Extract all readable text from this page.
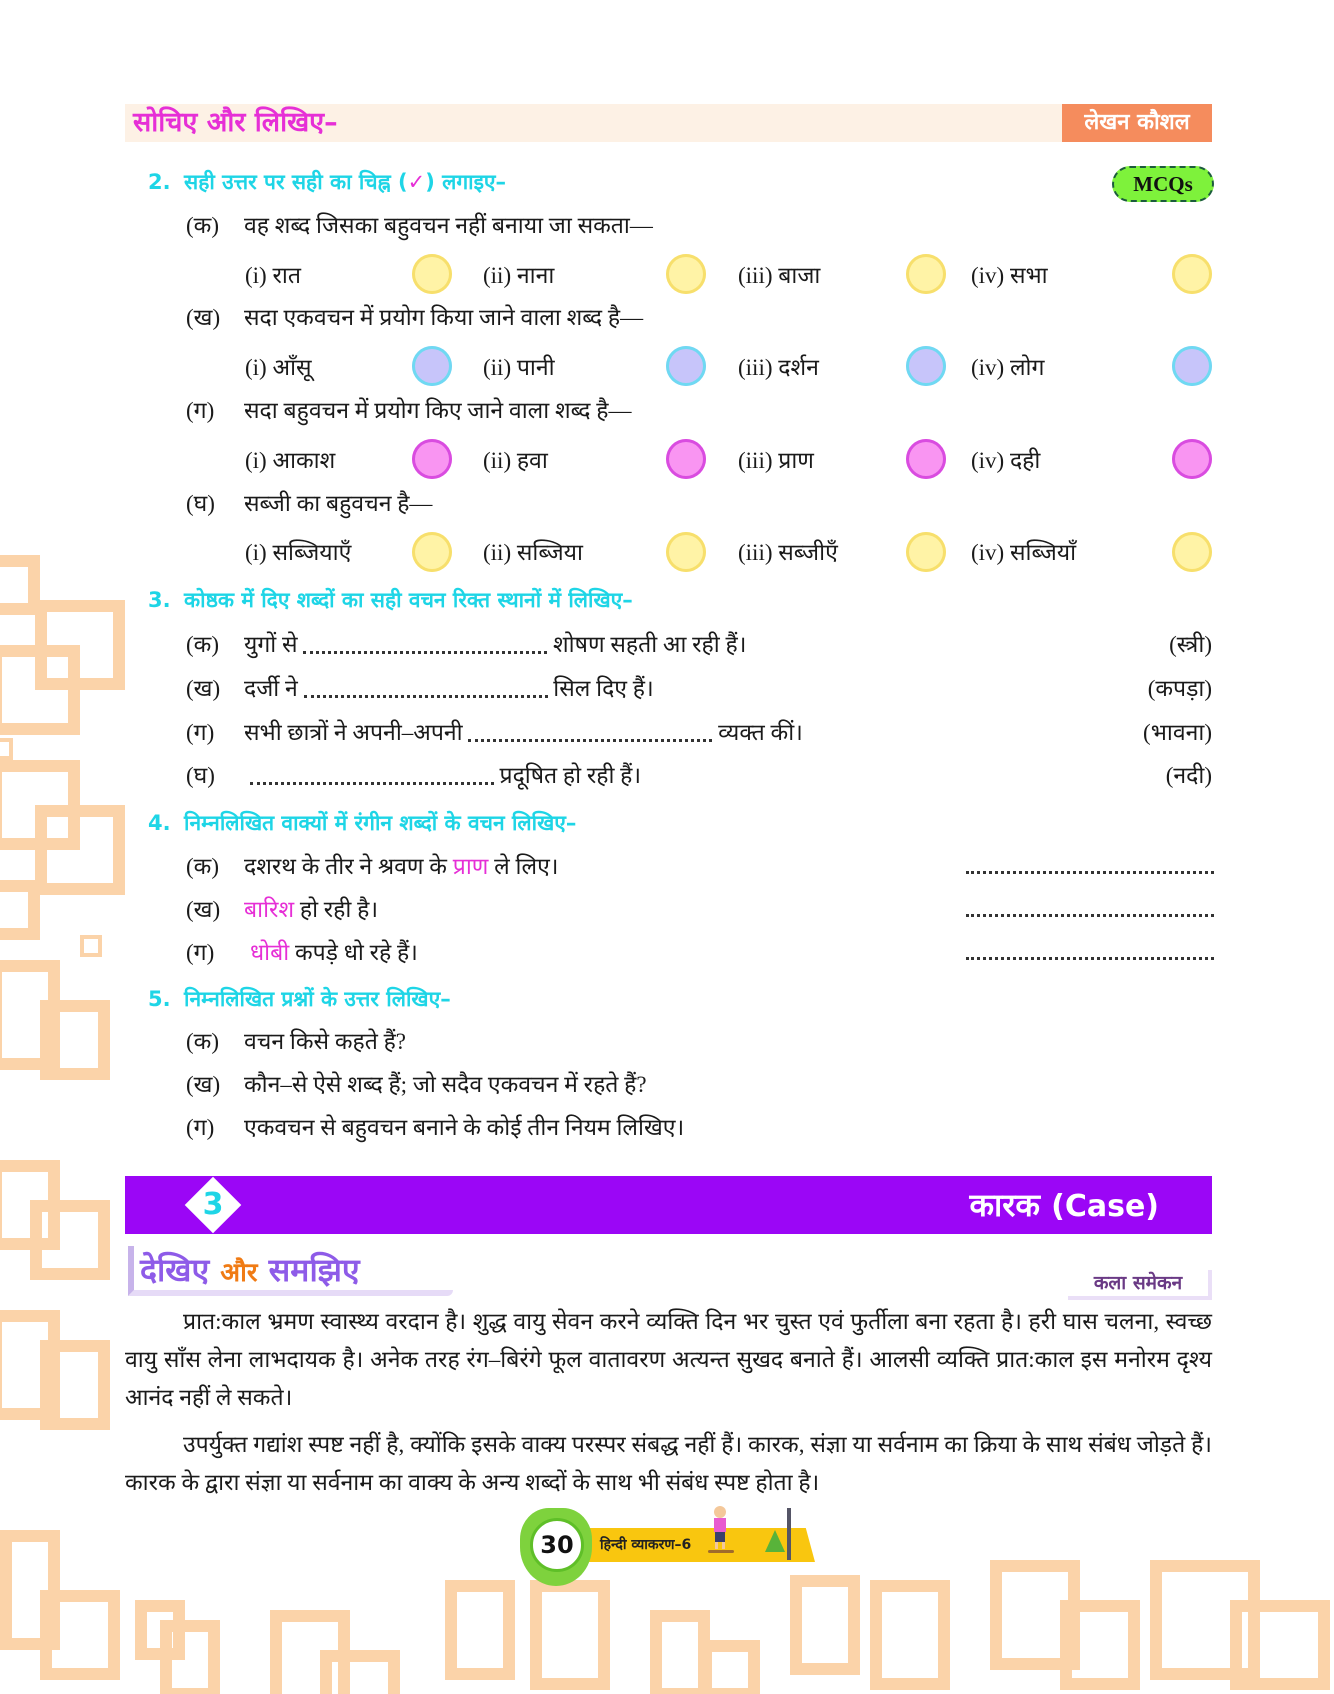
सोचिए और लिखिए–	लेखन कौशल
MCQs
2. सही उत्तर पर सही का चिह्न (✓) लगाइए–
(क) वह शब्द जिसका बहुवचन नहीं बनाया जा सकता—
(i) रात	(ii) नाना	(iii) बाजा	(iv) सभा
(ख) सदा एकवचन में प्रयोग किया जाने वाला शब्द है—
(i) आँसू	(ii) पानी	(iii) दर्शन	(iv) लोग
(ग) सदा बहुवचन में प्रयोग किए जाने वाला शब्द है—
(i) आकाश	(ii) हवा	(iii) प्राण	(iv) दही
(घ) सब्जी का बहुवचन है—
(i) सब्जियाएँ	(ii) सब्जिया	(iii) सब्जीएँ	(iv) सब्जियाँ
3. कोष्ठक में दिए शब्दों का सही वचन रिक्त स्थानों में लिखिए–
(क) युगों से	शोषण सहती आ रही हैं।	(स्त्री)
(ख) दर्जी ने	सिल दिए हैं।	(कपड़ा)
(ग) सभी छात्रों ने अपनी–अपनी	व्यक्त कीं।	(भावना)
(घ)	प्रदूषित हो रही हैं।	(नदी)
4. निम्नलिखित वाक्यों में रंगीन शब्दों के वचन लिखिए–
(क) दशरथ के तीर ने श्रवण के प्राण ले लिए।
(ख) बारिश हो रही है।
(ग) धोबी कपड़े धो रहे हैं।
5. निम्नलिखित प्रश्नों के उत्तर लिखिए–
(क) वचन किसे कहते हैं?
(ख) कौन–से ऐसे शब्द हैं; जो सदैव एकवचन में रहते हैं?
(ग) एकवचन से बहुवचन बनाने के कोई तीन नियम लिखिए।
3	कारक (Case)
देखिए और समझिए	कला समेकन
प्रात:काल भ्रमण स्वास्थ्य वरदान है। शुद्ध वायु सेवन करने व्यक्ति दिन भर चुस्त एवं फुर्तीला बना रहता है। हरी घास चलना, स्वच्छ वायु साँस लेना लाभदायक है। अनेक तरह रंग–बिरंगे फूल वातावरण अत्यन्त सुखद बनाते हैं। आलसी व्यक्ति प्रात:काल इस मनोरम दृश्य आनंद नहीं ले सकते।
उपर्युक्त गद्यांश स्पष्ट नहीं है, क्योंकि इसके वाक्य परस्पर संबद्ध नहीं हैं। कारक, संज्ञा या सर्वनाम का क्रिया के साथ संबंध जोड़ते हैं। कारक के द्वारा संज्ञा या सर्वनाम का वाक्य के अन्य शब्दों के साथ भी संबंध स्पष्ट होता है।
30	हिन्दी व्याकरण–6
